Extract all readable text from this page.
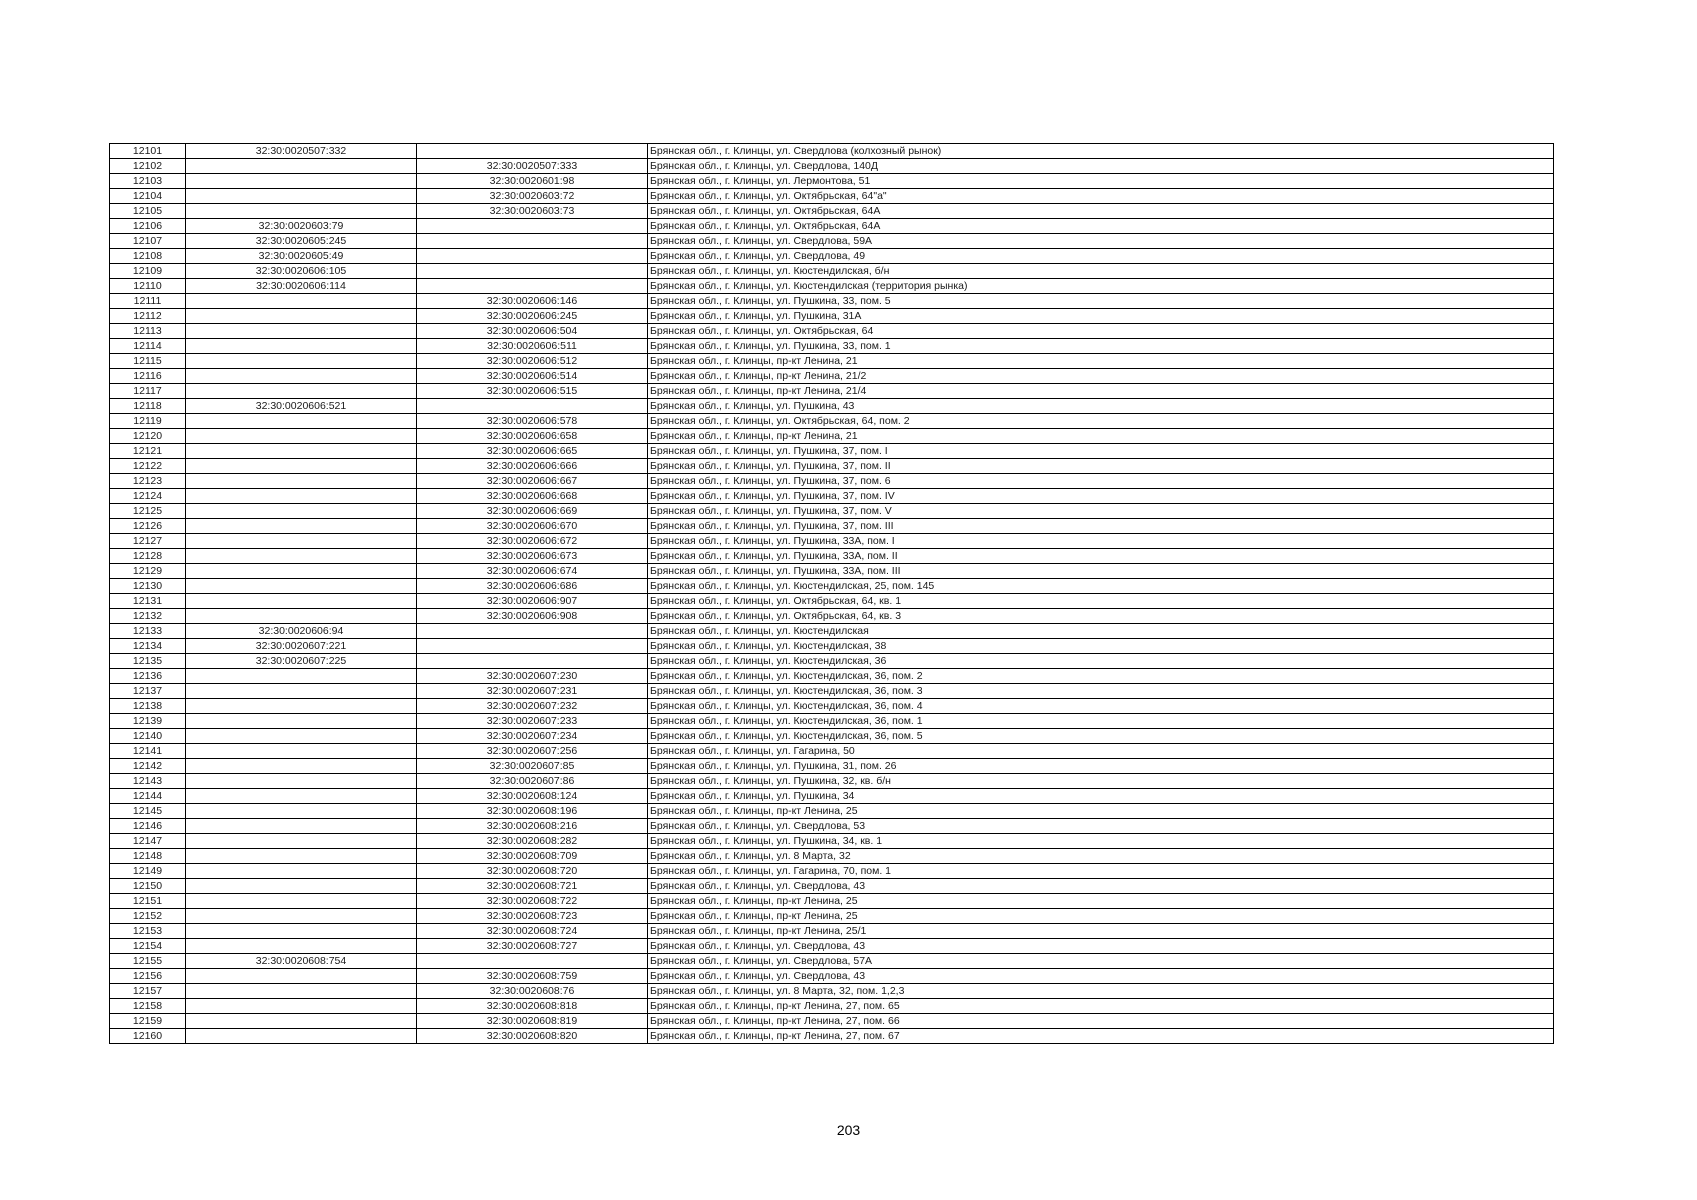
12101	32:30:0020507:332		Брянская обл., г. Клинцы, ул. Свердлова (колхозный рынок)
12102		32:30:0020507:333	Брянская обл., г. Клинцы, ул. Свердлова, 140Д
12103		32:30:0020601:98	Брянская обл., г. Клинцы, ул. Лермонтова, 51
12104		32:30:0020603:72	Брянская обл., г. Клинцы, ул. Октябрьская, 64"а"
12105		32:30:0020603:73	Брянская обл., г. Клинцы, ул. Октябрьская, 64А
12106	32:30:0020603:79		Брянская обл., г. Клинцы, ул. Октябрьская, 64А
12107	32:30:0020605:245		Брянская обл., г. Клинцы, ул. Свердлова, 59А
12108	32:30:0020605:49		Брянская обл., г. Клинцы, ул. Свердлова, 49
12109	32:30:0020606:105		Брянская обл., г. Клинцы, ул. Кюстендилская, б/н
12110	32:30:0020606:114		Брянская обл., г. Клинцы, ул. Кюстендилская (территория рынка)
12111		32:30:0020606:146	Брянская обл., г. Клинцы, ул. Пушкина, 33, пом. 5
12112		32:30:0020606:245	Брянская обл., г. Клинцы, ул. Пушкина, 31А
12113		32:30:0020606:504	Брянская обл., г. Клинцы, ул. Октябрьская, 64
12114		32:30:0020606:511	Брянская обл., г. Клинцы, ул. Пушкина, 33, пом. 1
12115		32:30:0020606:512	Брянская обл., г. Клинцы, пр-кт Ленина, 21
12116		32:30:0020606:514	Брянская обл., г. Клинцы, пр-кт Ленина, 21/2
12117		32:30:0020606:515	Брянская обл., г. Клинцы, пр-кт Ленина, 21/4
12118	32:30:0020606:521		Брянская обл., г. Клинцы, ул. Пушкина, 43
12119		32:30:0020606:578	Брянская обл., г. Клинцы, ул. Октябрьская, 64, пом. 2
12120		32:30:0020606:658	Брянская обл., г. Клинцы, пр-кт Ленина, 21
12121		32:30:0020606:665	Брянская обл., г. Клинцы, ул. Пушкина, 37, пом. I
12122		32:30:0020606:666	Брянская обл., г. Клинцы, ул. Пушкина, 37, пом. II
12123		32:30:0020606:667	Брянская обл., г. Клинцы, ул. Пушкина, 37, пом. 6
12124		32:30:0020606:668	Брянская обл., г. Клинцы, ул. Пушкина, 37, пом. IV
12125		32:30:0020606:669	Брянская обл., г. Клинцы, ул. Пушкина, 37, пом. V
12126		32:30:0020606:670	Брянская обл., г. Клинцы, ул. Пушкина, 37, пом. III
12127		32:30:0020606:672	Брянская обл., г. Клинцы, ул. Пушкина, 33А, пом. I
12128		32:30:0020606:673	Брянская обл., г. Клинцы, ул. Пушкина, 33А, пом. II
12129		32:30:0020606:674	Брянская обл., г. Клинцы, ул. Пушкина, 33А, пом. III
12130		32:30:0020606:686	Брянская обл., г. Клинцы, ул. Кюстендилская, 25, пом. 145
12131		32:30:0020606:907	Брянская обл., г. Клинцы, ул. Октябрьская, 64, кв. 1
12132		32:30:0020606:908	Брянская обл., г. Клинцы, ул. Октябрьская, 64, кв. 3
12133	32:30:0020606:94		Брянская обл., г. Клинцы, ул. Кюстендилская
12134	32:30:0020607:221		Брянская обл., г. Клинцы, ул. Кюстендилская, 38
12135	32:30:0020607:225		Брянская обл., г. Клинцы, ул. Кюстендилская, 36
12136		32:30:0020607:230	Брянская обл., г. Клинцы, ул. Кюстендилская, 36, пом. 2
12137		32:30:0020607:231	Брянская обл., г. Клинцы, ул. Кюстендилская, 36, пом. 3
12138		32:30:0020607:232	Брянская обл., г. Клинцы, ул. Кюстендилская, 36, пом. 4
12139		32:30:0020607:233	Брянская обл., г. Клинцы, ул. Кюстендилская, 36, пом. 1
12140		32:30:0020607:234	Брянская обл., г. Клинцы, ул. Кюстендилская, 36, пом. 5
12141		32:30:0020607:256	Брянская обл., г. Клинцы, ул. Гагарина, 50
12142		32:30:0020607:85	Брянская обл., г. Клинцы, ул. Пушкина, 31, пом. 26
12143		32:30:0020607:86	Брянская обл., г. Клинцы, ул. Пушкина, 32, кв. б/н
12144		32:30:0020608:124	Брянская обл., г. Клинцы, ул. Пушкина, 34
12145		32:30:0020608:196	Брянская обл., г. Клинцы, пр-кт Ленина, 25
12146		32:30:0020608:216	Брянская обл., г. Клинцы, ул. Свердлова, 53
12147		32:30:0020608:282	Брянская обл., г. Клинцы, ул. Пушкина, 34, кв. 1
12148		32:30:0020608:709	Брянская обл., г. Клинцы, ул. 8 Марта, 32
12149		32:30:0020608:720	Брянская обл., г. Клинцы, ул. Гагарина, 70, пом. 1
12150		32:30:0020608:721	Брянская обл., г. Клинцы, ул. Свердлова, 43
12151		32:30:0020608:722	Брянская обл., г. Клинцы, пр-кт Ленина, 25
12152		32:30:0020608:723	Брянская обл., г. Клинцы, пр-кт Ленина, 25
12153		32:30:0020608:724	Брянская обл., г. Клинцы, пр-кт Ленина, 25/1
12154		32:30:0020608:727	Брянская обл., г. Клинцы, ул. Свердлова, 43
12155	32:30:0020608:754		Брянская обл., г. Клинцы, ул. Свердлова, 57А
12156		32:30:0020608:759	Брянская обл., г. Клинцы, ул. Свердлова, 43
12157		32:30:0020608:76	Брянская обл., г. Клинцы, ул. 8 Марта, 32, пом. 1,2,3
12158		32:30:0020608:818	Брянская обл., г. Клинцы, пр-кт Ленина, 27, пом. 65
12159		32:30:0020608:819	Брянская обл., г. Клинцы, пр-кт Ленина, 27, пом. 66
12160		32:30:0020608:820	Брянская обл., г. Клинцы, пр-кт Ленина, 27, пом. 67
203
